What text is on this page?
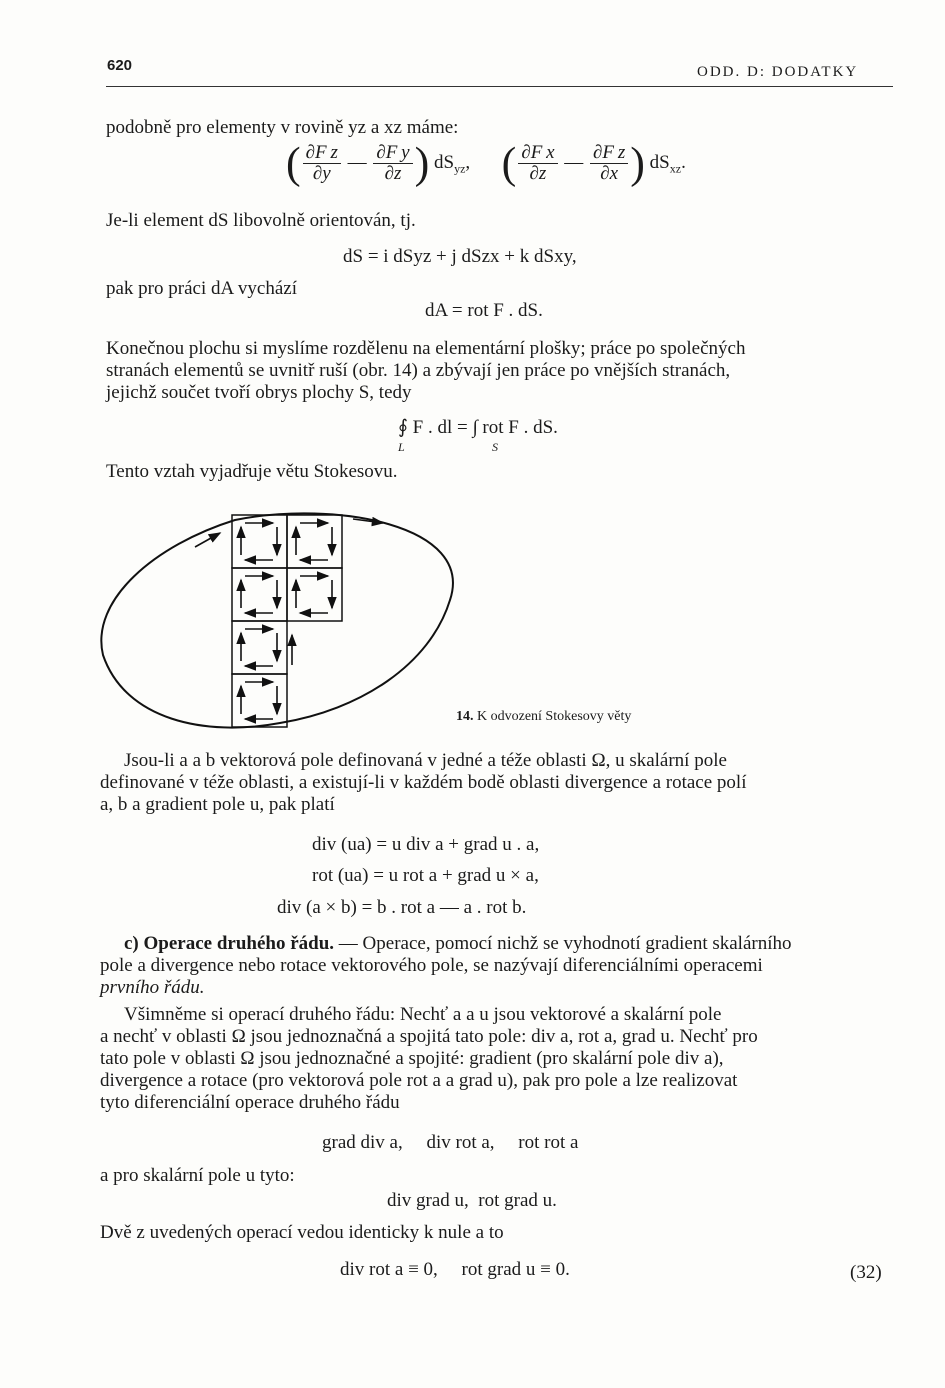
620	ODD. D: DODATKY
podobně pro elementy v rovině yz a xz máme:
( $\frac{\text{∂F z}}{\partial y}$ — $\frac{\text{∂F y}}{\partial z}$ ) $dS_{yz}$,  ( $\frac{\text{∂F x}}{\partial z}$ — $\frac{\text{∂F z}}{\partial x}$ ) $dS_{xz}$.
Je-li element dS libovolně orientován, tj.
dS = i dSyz + j dSzx + k dSxy,
pak pro práci dA vychází
dA = rot F . dS.
Konečnou plochu si myslíme rozdělenu na elementární plošky; práce po společných
stranách elementů se uvnitř ruší (obr. 14) a zbývají jen práce po vnějších stranách,
jejichž součet tvoří obrys plochy S, tedy
∮ F . dl = ∫ rot F . dS.
L	S
Tento vztah vyjadřuje větu Stokesovu.
14. K odvození Stokesovy věty
Jsou-li a a b vektorová pole definovaná v jedné a téže oblasti Ω, u skalární pole
definované v téže oblasti, a existují-li v každém bodě oblasti divergence a rotace polí
a, b a gradient pole u, pak platí
div (ua) = u div a + grad u . a,
rot (ua) = u rot a + grad u × a,
div (a × b) = b . rot a — a . rot b.
c) Operace druhého řádu. — Operace, pomocí nichž se vyhodnotí gradient skalárního
pole a divergence nebo rotace vektorového pole, se nazývají diferenciálními operacemi
prvního řádu.
Všimněme si operací druhého řádu: Nechť a a u jsou vektorové a skalární pole
a nechť v oblasti Ω jsou jednoznačná a spojitá tato pole: div a, rot a, grad u. Nechť pro
tato pole v oblasti Ω jsou jednoznačné a spojité: gradient (pro skalární pole div a),
divergence a rotace (pro vektorová pole rot a a grad u), pak pro pole a lze realizovat
tyto diferenciální operace druhého řádu
grad div a,     div rot a,     rot rot a
a pro skalární pole u tyto:
div grad u,  rot grad u.
Dvě z uvedených operací vedou identicky k nule a to
div rot a ≡ 0,     rot grad u ≡ 0.	(32)
